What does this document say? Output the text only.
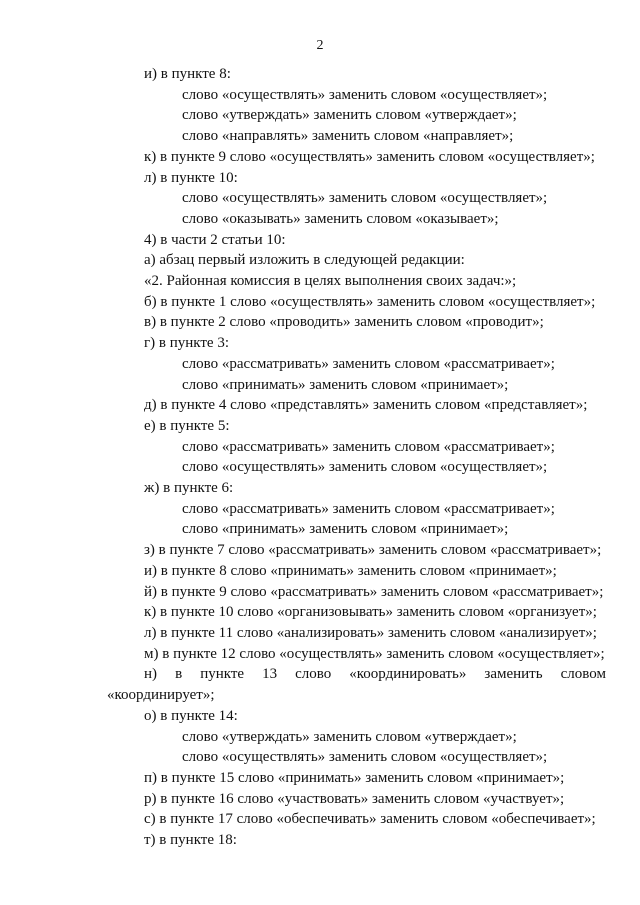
2
и) в пункте 8:
слово «осуществлять» заменить словом «осуществляет»;
слово «утверждать» заменить словом «утверждает»;
слово «направлять» заменить словом «направляет»;
к) в пункте 9 слово «осуществлять» заменить словом «осуществляет»;
л) в пункте 10:
слово «осуществлять» заменить словом «осуществляет»;
слово «оказывать» заменить словом «оказывает»;
4) в части 2 статьи 10:
а) абзац первый изложить в следующей редакции:
«2. Районная комиссия в целях выполнения своих задач:»;
б) в пункте 1 слово «осуществлять» заменить словом «осуществляет»;
в) в пункте 2 слово «проводить» заменить словом «проводит»;
г) в пункте 3:
слово «рассматривать» заменить словом «рассматривает»;
слово «принимать» заменить словом «принимает»;
д) в пункте 4 слово «представлять» заменить словом «представляет»;
е) в пункте 5:
слово «рассматривать» заменить словом «рассматривает»;
слово «осуществлять» заменить словом «осуществляет»;
ж) в пункте 6:
слово «рассматривать» заменить словом «рассматривает»;
слово «принимать» заменить словом «принимает»;
з) в пункте 7 слово «рассматривать» заменить словом «рассматривает»;
и) в пункте 8 слово «принимать» заменить словом «принимает»;
й) в пункте 9 слово «рассматривать» заменить словом «рассматривает»;
к) в пункте 10 слово «организовывать» заменить словом «организует»;
л) в пункте 11 слово «анализировать» заменить словом «анализирует»;
м) в пункте 12 слово «осуществлять» заменить словом «осуществляет»;
н) в пункте 13 слово «координировать» заменить словом
«координирует»;
о) в пункте 14:
слово «утверждать» заменить словом «утверждает»;
слово «осуществлять» заменить словом «осуществляет»;
п) в пункте 15 слово «принимать» заменить словом «принимает»;
р) в пункте 16 слово «участвовать» заменить словом «участвует»;
с) в пункте 17 слово «обеспечивать» заменить словом «обеспечивает»;
т) в пункте 18:
